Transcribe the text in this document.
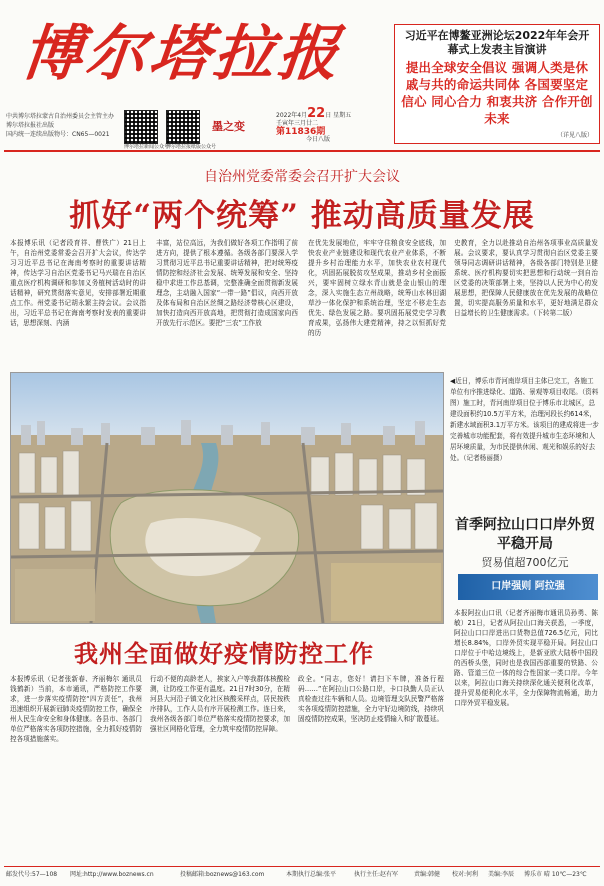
博尔塔拉报
中共博尔塔拉蒙古自治州委员会主管主办
博尔塔拉报社出版
国内统一连续出版物号：CN65—0021
博尔塔拉新闻公众号
博尔塔拉报纸版公众号
墨之变
2022年4月22日 星期五
壬寅年三月廿二
第11836期
今日八版
习近平在博鳌亚洲论坛2022年年会开幕式上发表主旨演讲
提出全球安全倡议 强调人类是休戚与共的命运共同体 各国要坚定信心 同心合力 和衷共济 合作开创未来
（详见八版）
自治州党委常委会召开扩大会议
抓好“两个统筹” 推动高质量发展
本报博乐讯（记者段育祥、曹铁广）21日上午，自治州党委常委会召开扩大会议，传达学习习近平总书记在海南考察时的重要讲话精神，传达学习自治区党委书记马兴瑞在自治区重点医疗机构调研和参加义务植树活动时的讲话精神，研究贯彻落实意见，安排部署近期重点工作。州党委书记胡永繁主持会议。会议指出，习近平总书记在海南考察时发表的重要讲话，思想深刻、内涵
丰富，站位高远，为我们做好各项工作指明了前进方向，提供了根本遵循。各级各部门要深入学习贯彻习近平总书记重要讲话精神，把对统筹疫情防控和经济社会发展、统筹发展和安全、坚持稳中求进工作总基调，完整准确全面贯彻新发展理念，主动融入国家“一带一路”倡议，向西开放及体布局和自治区丝绸之路经济带核心区建设，加快打造向西开放高地，把贯彻打造成国家向西开放先行示范区。要把“三农”工作放
在优先发展地位，牢牢守住粮食安全底线，加快农业产业链建设和现代农业产业体系，不断提升乡村治理能力水平，加快农业农村现代化，巩固拓展脱贫攻坚成果，推动乡村全面振兴，要牢固树立绿水青山就是金山银山的理念，深入实施生态立州战略，统筹山水林田湖草沙一体化保护和系统治理，坚定不移走生态优先、绿色发展之路。要巩固拓展党史学习教育成果，弘扬伟大建党精神，持之以恒抓好党的历
史教育，全力以赴推动自治州各项事业高质量发展。会议要求，要认真学习贯彻自治区党委主要领导同志调研讲话精神，各级各部门特别是卫健系统、医疗机构要切实把思想和行动统一到自治区党委的决策部署上来，坚持以人民为中心的发展思想，把保障人民健康放在优先发展的战略位置，切实提高服务质量和水平，更好地满足群众日益增长的卫生健康需求。（下转第二版）
◀近日，博乐市青河南岸项目主体已完工，各施工单位有序推进绿化、道路、景观等项目收尾。（资料图）施工时，青河南岸项目位于博乐市北城区，总建设面积约10.5万平方米，治理河段长约614米，新建水域面积3.1万平方米。该项目的建成将进一步完善城市功能配套，将有效提升城市生态环境和人居环境质量，为市民提供休闲、观光和娱乐的好去处。（记者杨丽摄）
首季阿拉山口口岸外贸平稳开局
贸易值超700亿元
口岸强则 阿拉强
本报阿拉山口讯（记者齐丽梅市通讯员孙勇、陈敏）21日，记者从阿拉山口海关获悉，一季度，阿拉山口口岸进出口货物总值726.5亿元，同比增长8.84%，口岸外贸实现平稳开局。阿拉山口口岸位于中哈边境线上，是新亚欧大陆桥中国段的西桥头堡，同时也是我国西部重要的铁路、公路、管道三位一体的综合性国家一类口岸。今年以来，阿拉山口海关持续深化通关便利化改革，提升贸易便利化水平，全力保障物流畅通，助力口岸外贸平稳发展。
我州全面做好疫情防控工作
本报博乐讯（记者张新春、齐丽梅尔 通讯员钱鹤新）当前，本市通讯，严格防控工作要求，进一步落实疫情防控“四方责任”，我州迅速组织开展新冠肺炎疫情防控工作，确保全州人民生命安全和身体健康。各县市、各部门单位严格落实各项防控措施，全力抓好疫情防控各项措施落实。
行动不便的高龄老人，挨家入户等我群体核酸检测，让防疫工作更有温度。21日7时30分，在精河县大河沿子镇文化社区核酸采样点，居民按秩序排队，工作人员有序开展检测工作。连日来，我州各级各部门单位严格落实疫情防控要求，加强社区网格化管理，全力筑牢疫情防控屏障。
政全。“同志，您好！请扫下车牌，准备行程码……”在阿拉山口公路口岸，卡口执勤人员正认真检查过往车辆和人员。边境管理支队民警严格落实各项疫情防控措施，全力守好边境防线，持续巩固疫情防控成果，坚决防止疫情输入和扩散蔓延。
邮发代号:57—108 网址:http://www.boznews.cn	投稿邮箱:boznews@163.com	本期执行总编:张平	执行主任:赵有军	责编:韩健 校对:何利 美编:李辰 博乐市 晴 10℃—23℃
